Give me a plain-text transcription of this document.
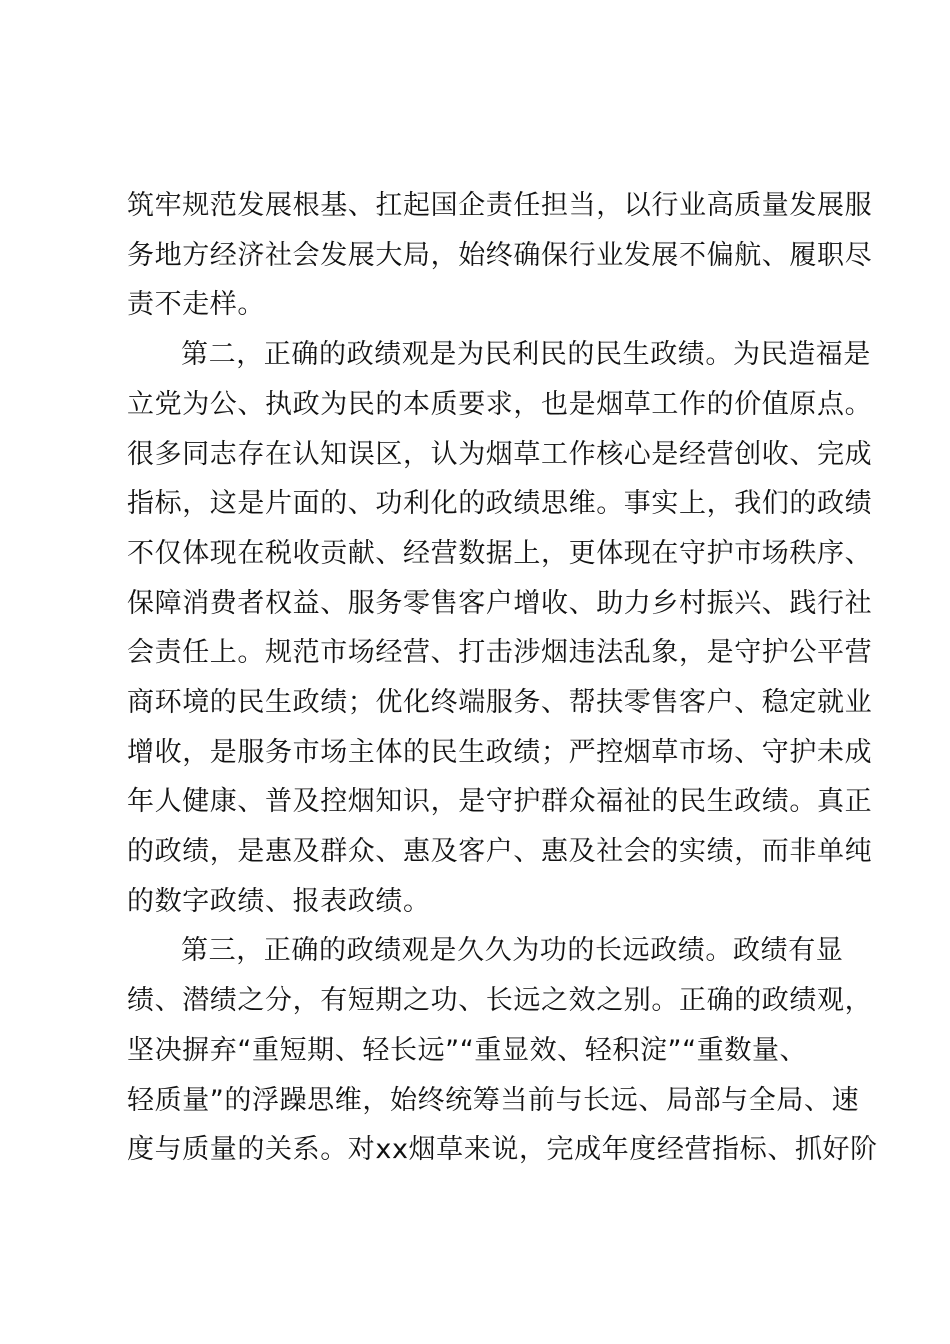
筑牢规范发展根基、扛起国企责任担当，以行业高质量发展服
务地方经济社会发展大局，始终确保行业发展不偏航、履职尽
责不走样。
第二，正确的政绩观是为民利民的民生政绩。为民造福是
立党为公、执政为民的本质要求，也是烟草工作的价值原点。
很多同志存在认知误区，认为烟草工作核心是经营创收、完成
指标，这是片面的、功利化的政绩思维。事实上，我们的政绩
不仅体现在税收贡献、经营数据上，更体现在守护市场秩序、
保障消费者权益、服务零售客户增收、助力乡村振兴、践行社
会责任上。规范市场经营、打击涉烟违法乱象，是守护公平营
商环境的民生政绩；优化终端服务、帮扶零售客户、稳定就业
增收，是服务市场主体的民生政绩；严控烟草市场、守护未成
年人健康、普及控烟知识，是守护群众福祉的民生政绩。真正
的政绩，是惠及群众、惠及客户、惠及社会的实绩，而非单纯
的数字政绩、报表政绩。
第三，正确的政绩观是久久为功的长远政绩。政绩有显
绩、潜绩之分，有短期之功、长远之效之别。正确的政绩观，
坚决摒弃“重短期、轻长远”“重显效、轻积淀”“重数量、
轻质量”的浮躁思维，始终统筹当前与长远、局部与全局、速
度与质量的关系。对xx烟草来说，完成年度经营指标、抓好阶
